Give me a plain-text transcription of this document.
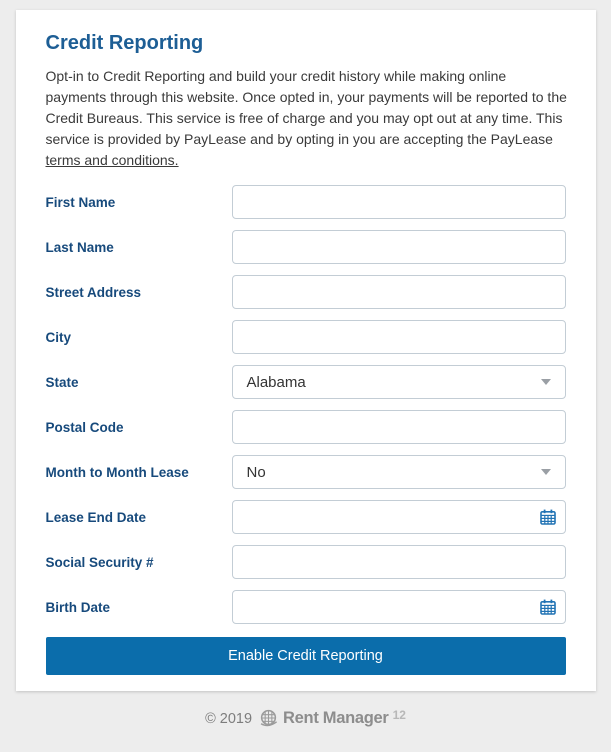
Credit Reporting

Opt-in to Credit Reporting and build your credit history while making online payments through this website. Once opted in, your payments will be reported to the Credit Bureaus. This service is free of charge and you may opt out at any time. This service is provided by PayLease and by opting in you are accepting the PayLease terms and conditions.

First Name
Last Name
Street Address
City
State	Alabama
Postal Code
Month to Month Lease	No
Lease End Date
Social Security #
Birth Date
Enable Credit Reporting
© 2019 Rent Manager 12
